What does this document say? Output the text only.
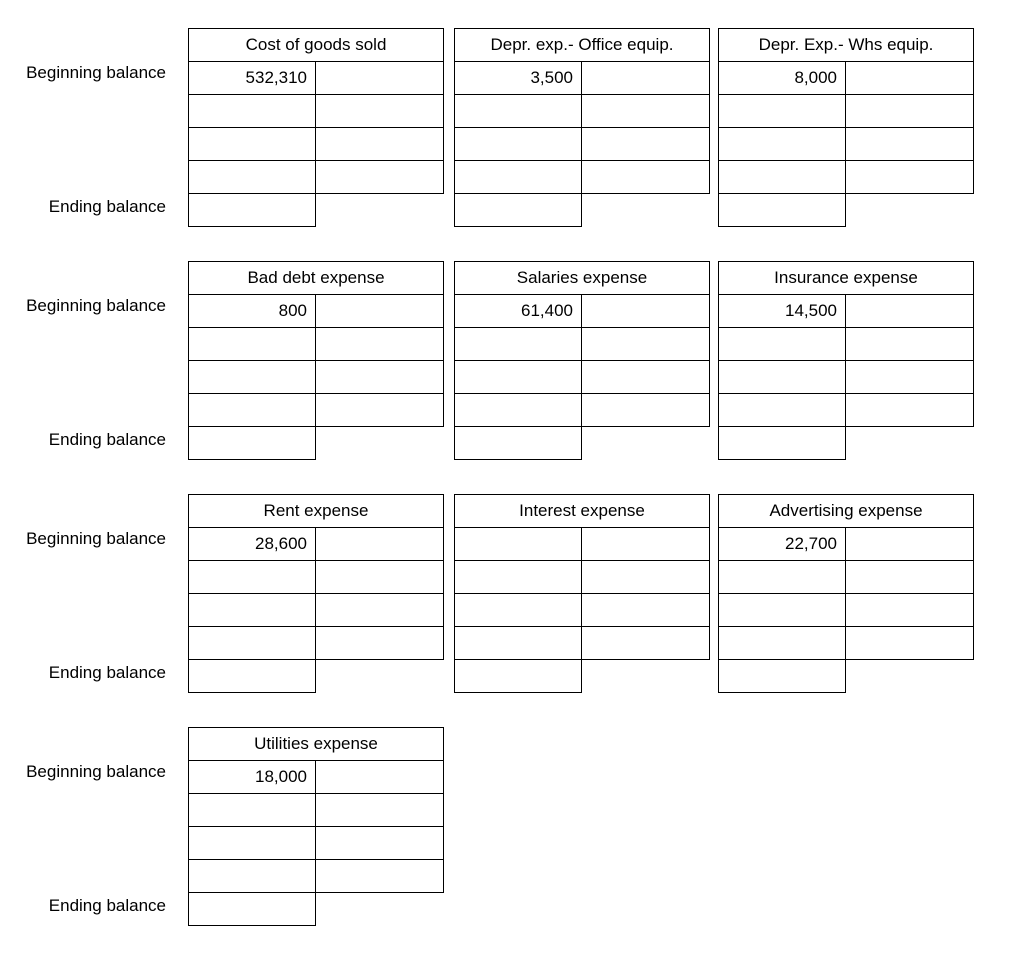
Beginning balance
Ending balance
Beginning balance
Ending balance
Beginning balance
Ending balance
Beginning balance
Ending balance
Cost of goods sold
532,310
Depr. exp.- Office equip.
3,500
Depr. Exp.- Whs equip.
8,000
Bad debt expense
800
Salaries expense
61,400
Insurance expense
14,500
Rent expense
28,600
Interest expense	Advertising expense
22,700
Utilities expense
18,000
